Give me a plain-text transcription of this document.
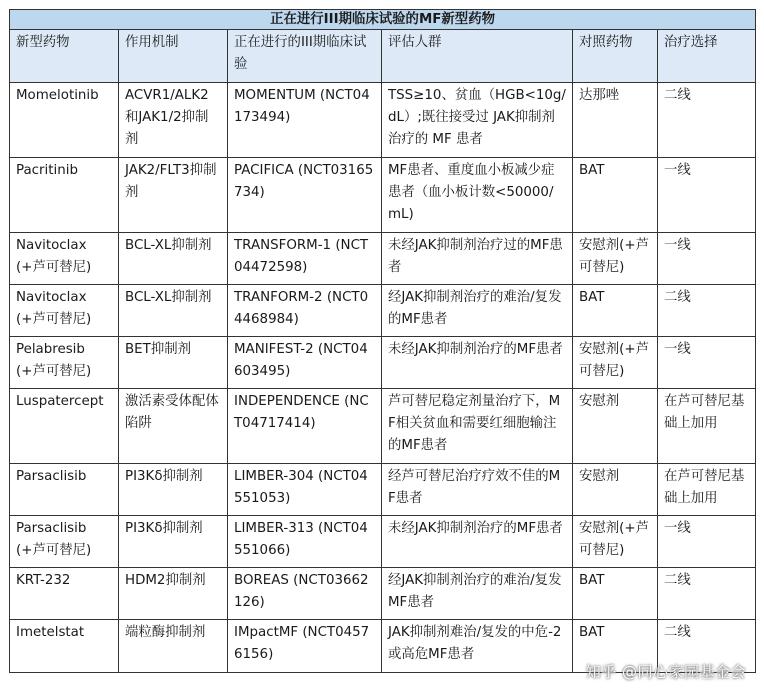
正在进行III期临床试验的MF新型药物					
新型药物	作用机制	正在进行的III期临床试验	评估人群	对照药物	治疗选择
Momelotinib	ACVR1/ALK2和JAK1/2抑制剂	MOMENTUM (NCT04173494)	TSS≥10、贫血（HGB<10g/dL）;既往接受过 JAK抑制剂治疗的 MF 患者	达那唑	二线
Pacritinib	JAK2/FLT3抑制剂	PACIFICA (NCT03165734)	MF患者、重度血小板减少症患者（血小板计数<50000/mL)	BAT	一线
Navitoclax (+芦可替尼)	BCL-XL抑制剂	TRANSFORM-1 (NCT04472598)	未经JAK抑制剂治疗过的MF患者	安慰剂(+芦可替尼)	一线
Navitoclax (+芦可替尼)	BCL-XL抑制剂	TRANFORM-2 (NCT04468984)	经JAK抑制剂治疗的难治/复发的MF患者	BAT	二线
Pelabresib (+芦可替尼)	BET抑制剂	MANIFEST-2 (NCT04603495)	未经JAK抑制剂治疗的MF患者	安慰剂(+芦可替尼)	一线
Luspatercept	激活素受体配体陷阱	INDEPENDENCE (NCT04717414)	芦可替尼稳定剂量治疗下，MF相关贫血和需要红细胞输注的MF患者	安慰剂	在芦可替尼基础上加用
Parsaclisib	PI3Kδ抑制剂	LIMBER-304 (NCT04551053)	经芦可替尼治疗疗效不佳的MF患者	安慰剂	在芦可替尼基础上加用
Parsaclisib (+芦可替尼)	PI3Kδ抑制剂	LIMBER-313 (NCT04551066)	未经JAK抑制剂治疗的MF患者	安慰剂(+芦可替尼)	一线
KRT-232	HDM2抑制剂	BOREAS (NCT03662126)	经JAK抑制剂治疗的难治/复发MF患者	BAT	二线
Imetelstat	端粒酶抑制剂	IMpactMF (NCT04576156)	JAK抑制剂难治/复发的中危-2或高危MF患者	BAT	二线
知乎 @同心家园基金会
